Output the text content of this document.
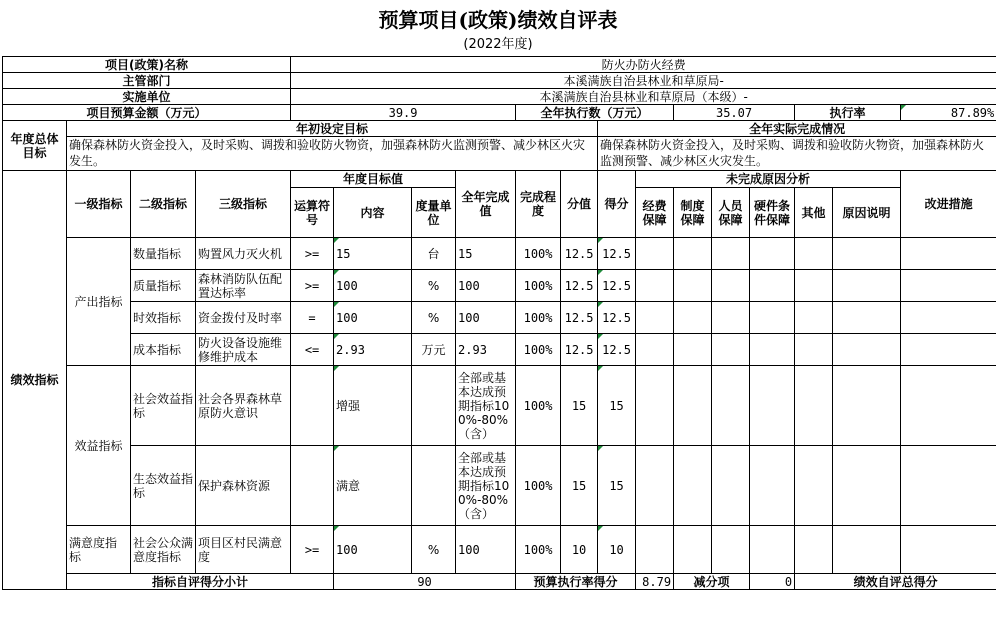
预算项目(政策)绩效自评表
(2022年度)
项目(政策)名称				防火办防火经费														
主管部门				本溪满族自治县林业和草原局-														
实施单位				本溪满族自治县林业和草原局（本级）-														
项目预算金额（万元）				39.9				全年执行数（万元）				35.07			执行率		87.89%	
年度总体目标	年初设定目标									全年实际完成情况								
	确保森林防火资金投入，及时采购、调拨和验收防火物资，加强森林防火监测预警、减少林区火灾发生。									确保森林防火资金投入，及时采购、调拨和验收防火物资，加强森林防火监测预警、减少林区火灾发生。								
绩效指标	一级指标	二级指标	三级指标	年度目标值			全年完成值	完成程度	分值	得分	未完成原因分析						改进措施	
				运算符号	内容	度量单位					经费保障	制度保障	人员保障	硬件条件保障	其他	原因说明		
	产出指标	数量指标	购置风力灭火机	>=	15	台	15	100%	12.5	12.5								
		质量指标	森林消防队伍配置达标率	>=	100	%	100	100%	12.5	12.5								
		时效指标	资金拨付及时率	=	100	%	100	100%	12.5	12.5								
		成本指标	防火设备设施维修维护成本	<=	2.93	万元	2.93	100%	12.5	12.5								
	效益指标	社会效益指标	社会各界森林草原防火意识		增强		全部或基本达成预期指标100%-80%（含）	100%	15	15								
		生态效益指标	保护森林资源		满意		全部或基本达成预期指标100%-80%（含）	100%	15	15								
	满意度指标	社会公众满意度指标	项目区村民满意度	>=	100	%	100	100%	10	10								
	指标自评得分小计				90			预算执行率得分			8.79	减分项		0	绩效自评总得分	
